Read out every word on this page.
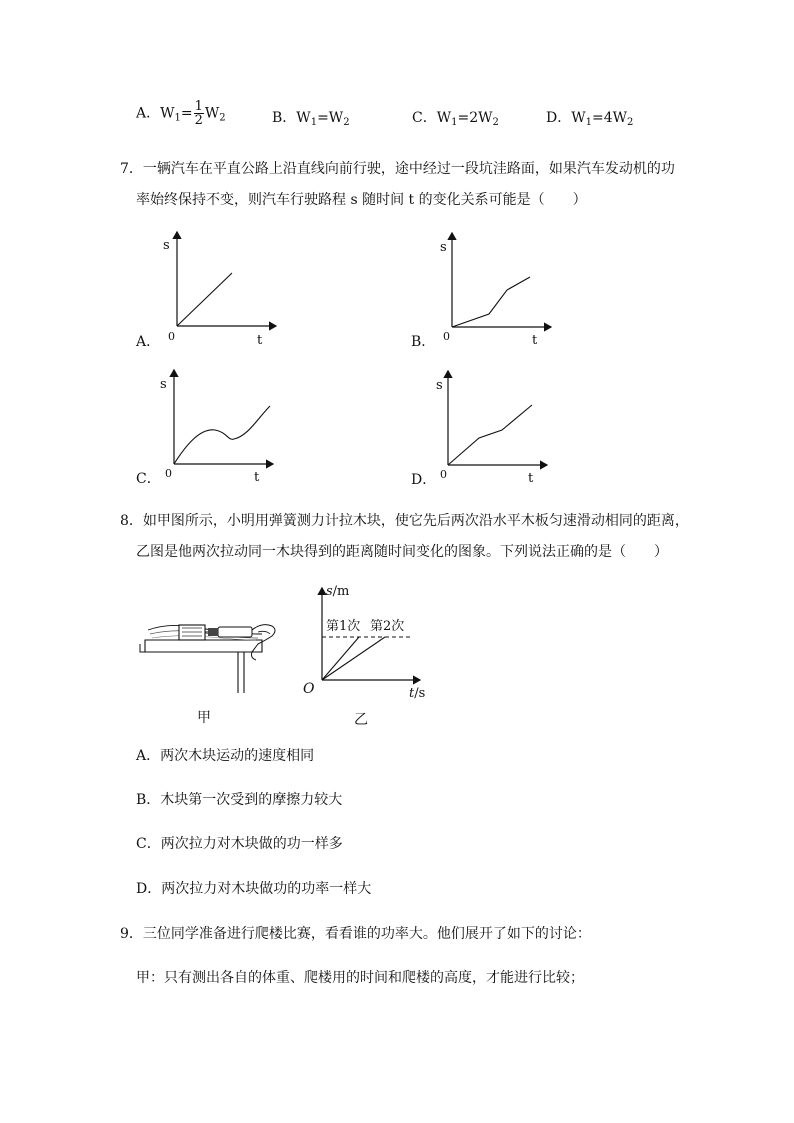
A．$W_1= \frac{1}{2} W_2$	B．$W_1=W_2$	C．$W_1=2W_2$	D．$W_1=4W_2$
7．一辆汽车在平直公路上沿直线向前行驶，途中经过一段坑洼路面，如果汽车发动机的功
率始终保持不变，则汽车行驶路程 s 随时间 t 的变化关系可能是（　　）
s
t
0
A．
s
t
0
B．
s
t
0
C．
s
t
0
D．
s/m
t/s
O
第1次 第2次
8．如甲图所示，小明用弹簧测力计拉木块，使它先后两次沿水平木板匀速滑动相同的距离，
乙图是他两次拉动同一木块得到的距离随时间变化的图象。下列说法正确的是（　　）
甲	乙
A．两次木块运动的速度相同
B．木块第一次受到的摩擦力较大
C．两次拉力对木块做的功一样多
D．两次拉力对木块做功的功率一样大
9．三位同学准备进行爬楼比赛，看看谁的功率大。他们展开了如下的讨论：
甲：只有测出各自的体重、爬楼用的时间和爬楼的高度，才能进行比较；
